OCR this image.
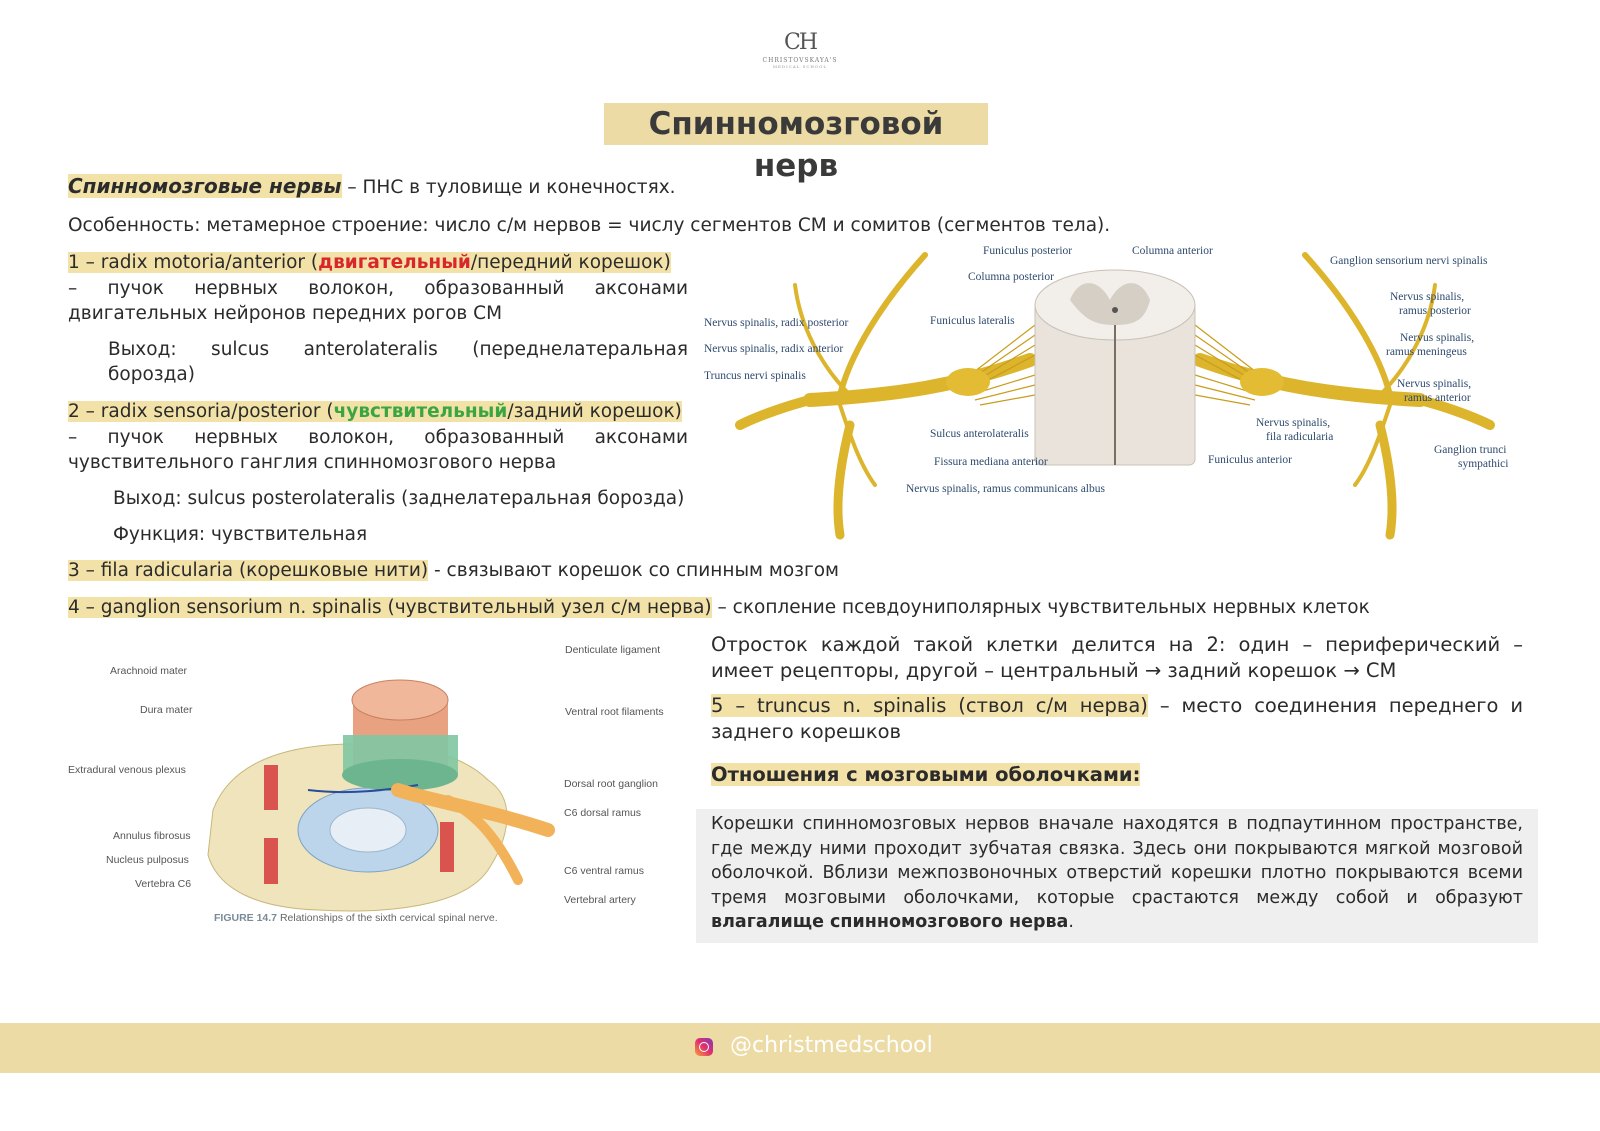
CH
CHRISTOVSKAYA'S
MEDICAL SCHOOL
Спинномозговой нерв
Спинномозговые нервы – ПНС в туловище и конечностях.
Особенность: метамерное строение: число с/м нервов = числу сегментов СМ и сомитов (сегментов тела).
1 – radix motoria/anterior (двигательный/передний корешок)
– пучок нервных волокон, образованный аксонами двигательных нейронов передних рогов СМ
Выход: sulcus anterolateralis (переднелатеральная борозда)
2 – radix sensoria/posterior (чувствительный/задний корешок)
– пучок нервных волокон, образованный аксонами чувствительного ганглия спинномозгового нерва
Выход: sulcus posterolateralis (заднелатеральная борозда)
Функция: чувствительная
3 – fila radicularia (корешковые нити) - связывают корешок со спинным мозгом
4 – ganglion sensorium n. spinalis (чувствительный узел с/м нерва) – скопление псевдоуниполярных чувствительных нервных клеток
Отросток каждой такой клетки делится на 2: один – периферический – имеет рецепторы, другой – центральный → задний корешок → СМ
5 – truncus n. spinalis (ствол с/м нерва) – место соединения переднего и заднего корешков
Отношения с мозговыми оболочками:
Корешки спинномозговых нервов вначале находятся в подпаутинном пространстве, где между ними проходит зубчатая связка. Здесь они покрываются мягкой мозговой оболочкой. Вблизи межпозвоночных отверстий корешки плотно покрываются всеми тремя мозговыми оболочками, которые срастаются между собой и образуют влагалище спинномозгового нерва.
Funiculus posterior	Columna anterior
Columna posterior
Ganglion sensorium nervi spinalis
Nervus spinalis,
ramus posterior
Funiculus lateralis
Nervus spinalis, radix posterior
Nervus spinalis, radix anterior
Nervus spinalis,
ramus meningeus
Truncus nervi spinalis
Nervus spinalis,
ramus anterior
Nervus spinalis,
fila radicularia
Sulcus anterolateralis
Ganglion trunci
sympathici
Fissura mediana anterior	Funiculus anterior
Nervus spinalis, ramus communicans albus
Arachnoid mater
Dura mater
Extradural venous plexus
Annulus fibrosus
Nucleus pulposus
Vertebra C6
Denticulate ligament
Ventral root filaments
Dorsal root ganglion
C6 dorsal ramus
C6 ventral ramus
Vertebral artery
FIGURE 14.7 Relationships of the sixth cervical spinal nerve.
@christmedschool
